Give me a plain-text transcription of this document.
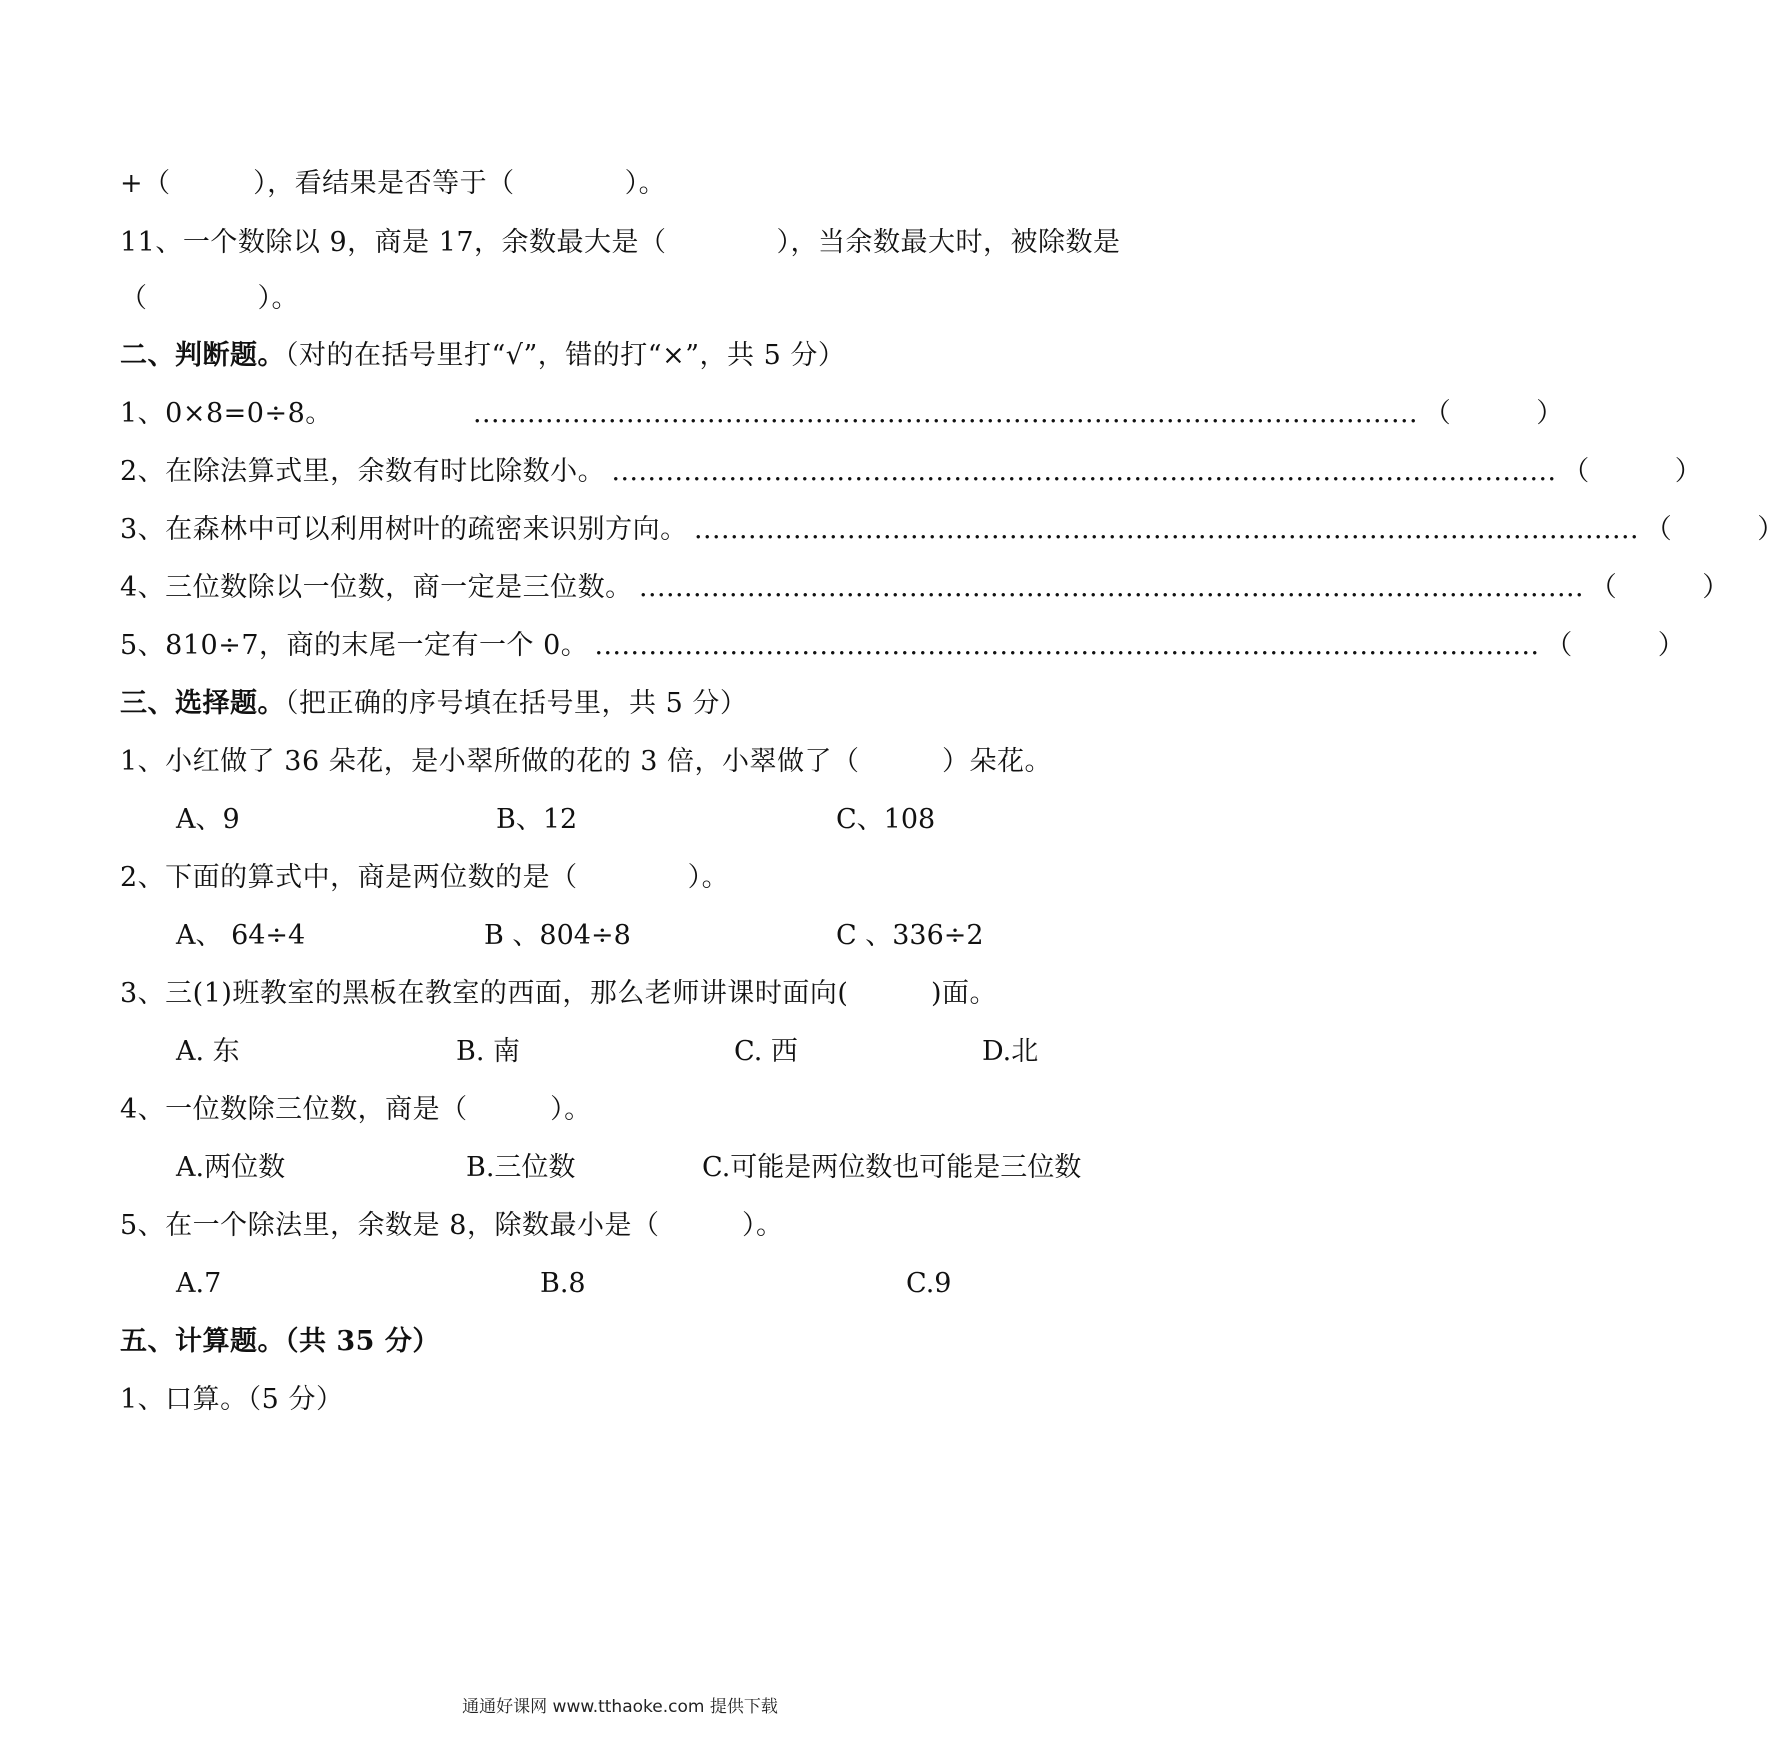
+（　　　），看结果是否等于（　　　　）。
11、一个数除以 9，商是 17，余数最大是（　　　　），当余数最大时，被除数是
（　　　　）。
二、判断题。（对的在括号里打“√”，错的打“×”，共 5 分）
1、0×8=0÷8。	…………………………………………………………………………………………… （	）
2、在除法算式里，余数有时比除数小。 …………………………………………………………………………………………… （	）
3、在森林中可以利用树叶的疏密来识别方向。 …………………………………………………………………………………………… （	）
4、三位数除以一位数，商一定是三位数。 …………………………………………………………………………………………… （	）
5、810÷7，商的末尾一定有一个 0。 …………………………………………………………………………………………… （	）
三、选择题。（把正确的序号填在括号里，共 5 分）
1、小红做了 36 朵花，是小翠所做的花的 3 倍，小翠做了（　　　）朵花。
A、9	B、12	C、108
2、下面的算式中，商是两位数的是（　　　　）。
A、 64÷4	B 、804÷8	C 、336÷2
3、三(1)班教室的黑板在教室的西面，那么老师讲课时面向(　　　)面。
A. 东	B. 南	C. 西	D.北
4、一位数除三位数，商是（　　　）。
A.两位数	B.三位数	C.可能是两位数也可能是三位数
5、在一个除法里，余数是 8，除数最小是（　　　）。
A.7	B.8	C.9
五、计算题。（共 35 分）
1、口算。（5 分）
通通好课网 www.tthaoke.com 提供下载
